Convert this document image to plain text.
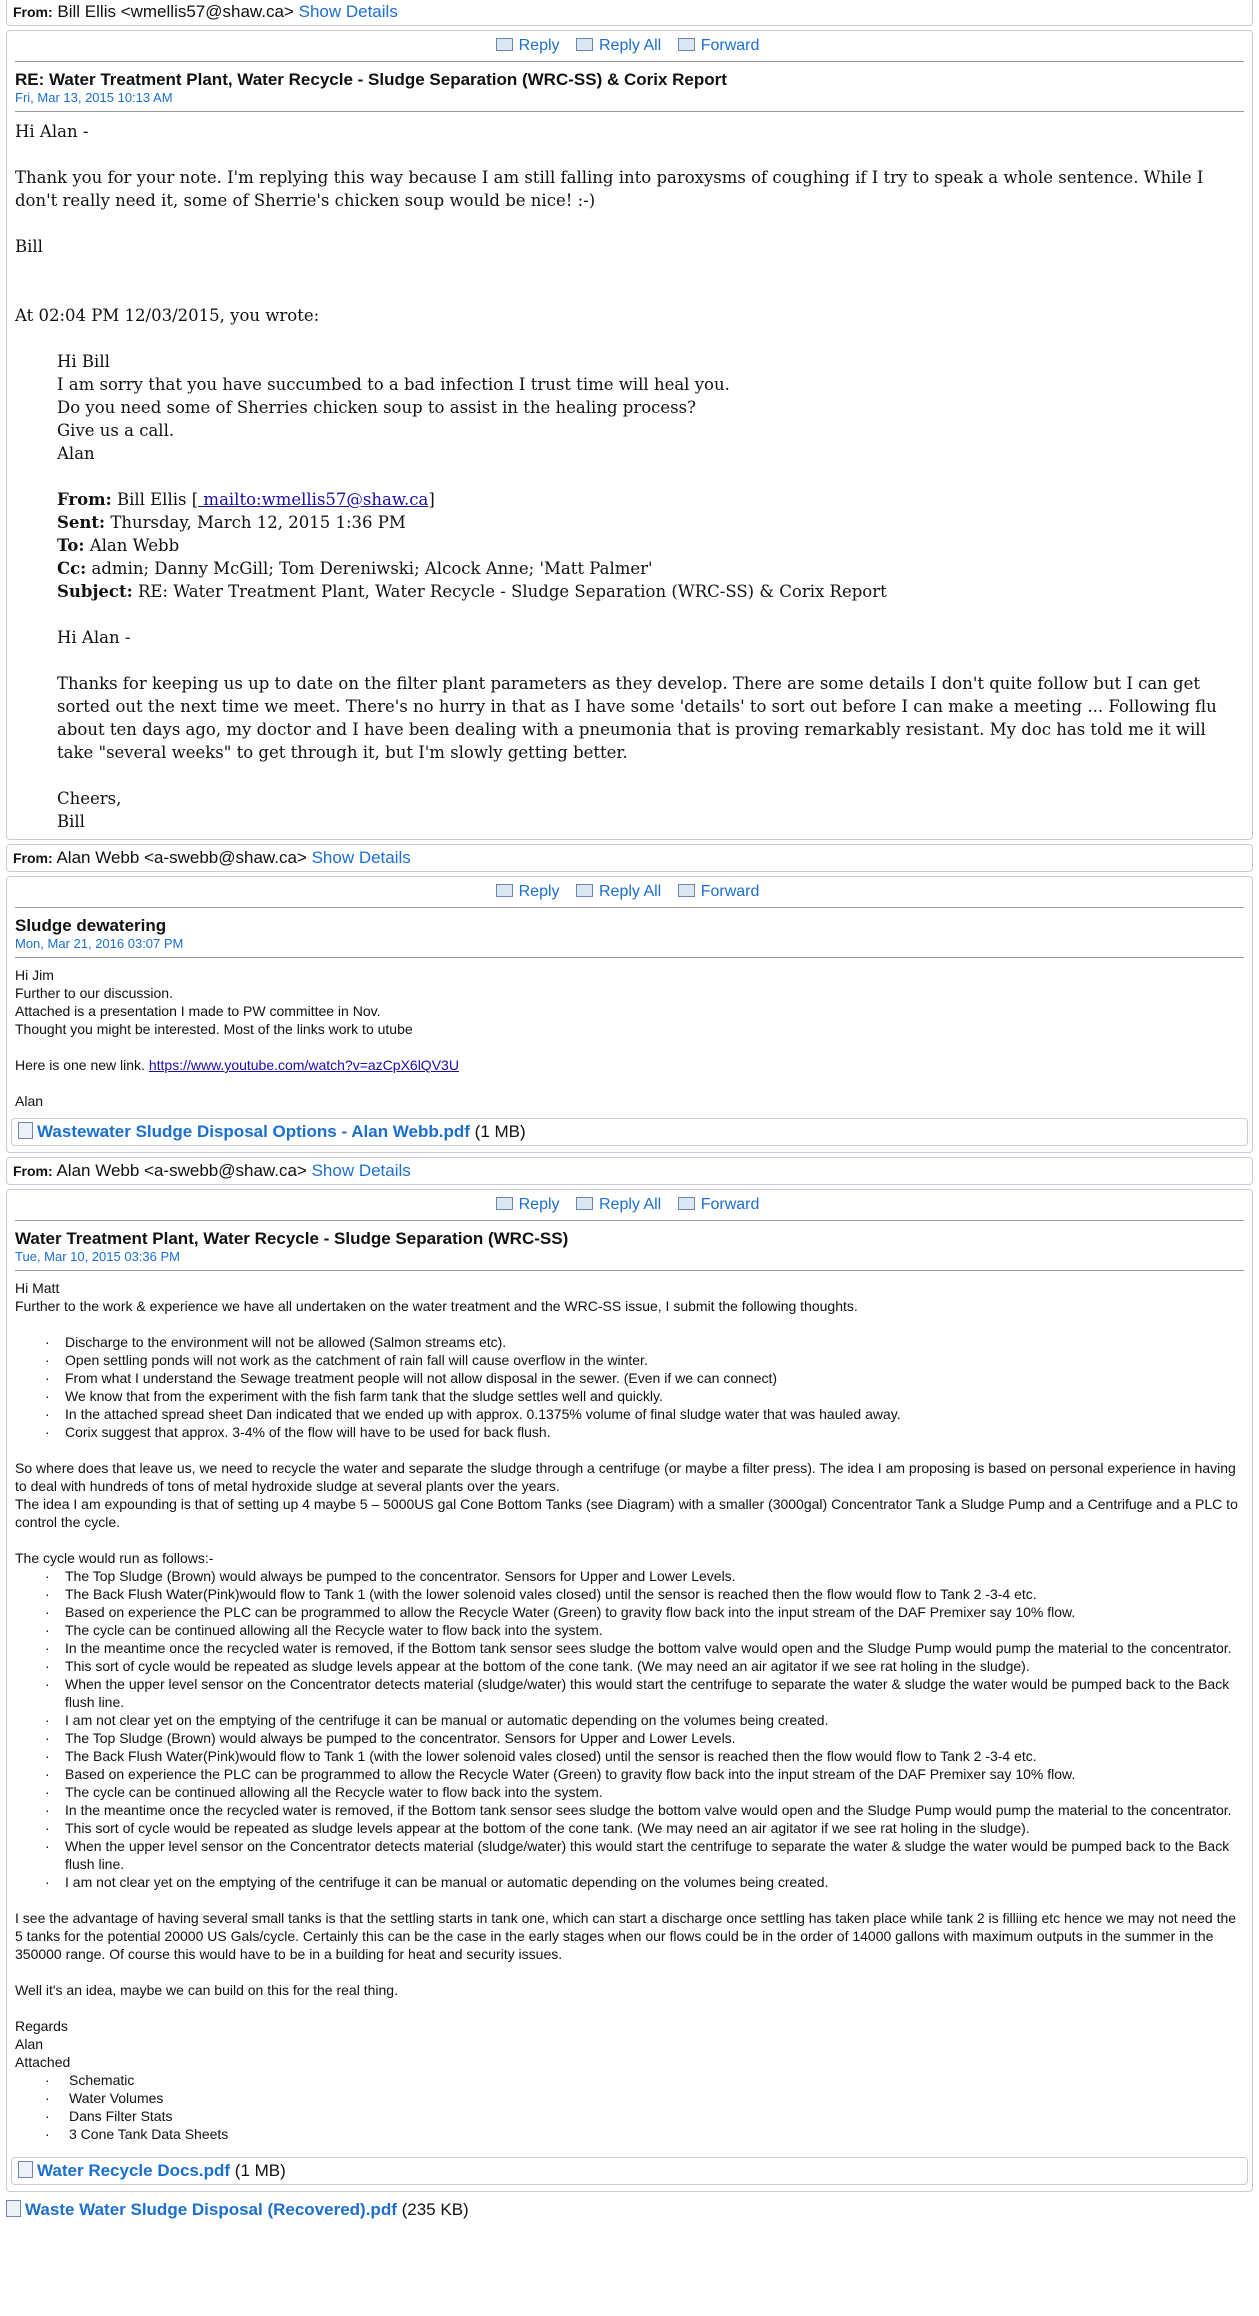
From: Bill Ellis <wmellis57@shaw.ca> Show Details
Reply Reply All Forward
RE: Water Treatment Plant, Water Recycle - Sludge Separation (WRC-SS) & Corix Report
Fri, Mar 13, 2015 10:13 AM

Hi Alan -

Thank you for your note. I'm replying this way because I am still falling into paroxysms of coughing if I try to speak a whole sentence. While I don't really need it, some of Sherrie's chicken soup would be nice! :-)

Bill

At 02:04 PM 12/03/2015, you wrote:

Hi Bill

I am sorry that you have succumbed to a bad infection I trust time will heal you.

Do you need some of Sherries chicken soup to assist in the healing process?

Give us a call.

Alan

From: Bill Ellis [ mailto:wmellis57@shaw.ca]

Sent: Thursday, March 12, 2015 1:36 PM

To: Alan Webb

Cc: admin; Danny McGill; Tom Dereniwski; Alcock Anne; 'Matt Palmer'

Subject: RE: Water Treatment Plant, Water Recycle - Sludge Separation (WRC-SS) & Corix Report

Hi Alan -

Thanks for keeping us up to date on the filter plant parameters as they develop. There are some details I don't quite follow but I can get sorted out the next time we meet. There's no hurry in that as I have some 'details' to sort out before I can make a meeting ... Following flu about ten days ago, my doctor and I have been dealing with a pneumonia that is proving remarkably resistant. My doc has told me it will take "several weeks" to get through it, but I'm slowly getting better.

Cheers,

Bill

From: Alan Webb <a-swebb@shaw.ca> Show Details
Reply Reply All Forward
Sludge dewatering
Mon, Mar 21, 2016 03:07 PM

Hi Jim

Further to our discussion.

Attached is a presentation I made to PW committee in Nov.

Thought you might be interested. Most of the links work to utube

Here is one new link. https://www.youtube.com/watch?v=azCpX6lQV3U

Alan

Wastewater Sludge Disposal Options - Alan Webb.pdf (1 MB)
From: Alan Webb <a-swebb@shaw.ca> Show Details
Reply Reply All Forward
Water Treatment Plant, Water Recycle - Sludge Separation (WRC-SS)
Tue, Mar 10, 2015 03:36 PM

Hi Matt

Further to the work & experience we have all undertaken on the water treatment and the WRC-SS issue, I submit the following thoughts.

· Discharge to the environment will not be allowed (Salmon streams etc).
· Open settling ponds will not work as the catchment of rain fall will cause overflow in the winter.
· From what I understand the Sewage treatment people will not allow disposal in the sewer. (Even if we can connect)
· We know that from the experiment with the fish farm tank that the sludge settles well and quickly.
· In the attached spread sheet Dan indicated that we ended up with approx. 0.1375% volume of final sludge water that was hauled away.
· Corix suggest that approx. 3-4% of the flow will have to be used for back flush.

So where does that leave us, we need to recycle the water and separate the sludge through a centrifuge (or maybe a filter press). The idea I am proposing is based on personal experience in having to deal with hundreds of tons of metal hydroxide sludge at several plants over the years.

The idea I am expounding is that of setting up 4 maybe 5 – 5000US gal Cone Bottom Tanks (see Diagram) with a smaller (3000gal) Concentrator Tank a Sludge Pump and a Centrifuge and a PLC to control the cycle.

The cycle would run as follows:-

· The Top Sludge (Brown) would always be pumped to the concentrator. Sensors for Upper and Lower Levels.
· The Back Flush Water(Pink)would flow to Tank 1 (with the lower solenoid vales closed) until the sensor is reached then the flow would flow to Tank 2 -3-4 etc.
· Based on experience the PLC can be programmed to allow the Recycle Water (Green) to gravity flow back into the input stream of the DAF Premixer say 10% flow.
· The cycle can be continued allowing all the Recycle water to flow back into the system.
· In the meantime once the recycled water is removed, if the Bottom tank sensor sees sludge the bottom valve would open and the Sludge Pump would pump the material to the concentrator.
· This sort of cycle would be repeated as sludge levels appear at the bottom of the cone tank. (We may need an air agitator if we see rat holing in the sludge).
· When the upper level sensor on the Concentrator detects material (sludge/water) this would start the centrifuge to separate the water & sludge the water would be pumped back to the Back flush line.
· I am not clear yet on the emptying of the centrifuge it can be manual or automatic depending on the volumes being created.
· The Top Sludge (Brown) would always be pumped to the concentrator. Sensors for Upper and Lower Levels.
· The Back Flush Water(Pink)would flow to Tank 1 (with the lower solenoid vales closed) until the sensor is reached then the flow would flow to Tank 2 -3-4 etc.
· Based on experience the PLC can be programmed to allow the Recycle Water (Green) to gravity flow back into the input stream of the DAF Premixer say 10% flow.
· The cycle can be continued allowing all the Recycle water to flow back into the system.
· In the meantime once the recycled water is removed, if the Bottom tank sensor sees sludge the bottom valve would open and the Sludge Pump would pump the material to the concentrator.
· This sort of cycle would be repeated as sludge levels appear at the bottom of the cone tank. (We may need an air agitator if we see rat holing in the sludge).
· When the upper level sensor on the Concentrator detects material (sludge/water) this would start the centrifuge to separate the water & sludge the water would be pumped back to the Back flush line.
· I am not clear yet on the emptying of the centrifuge it can be manual or automatic depending on the volumes being created.

I see the advantage of having several small tanks is that the settling starts in tank one, which can start a discharge once settling has taken place while tank 2 is filliing etc hence we may not need the 5 tanks for the potential 20000 US Gals/cycle. Certainly this can be the case in the early stages when our flows could be in the order of 14000 gallons with maximum outputs in the summer in the 350000 range. Of course this would have to be in a building for heat and security issues.

Well it's an idea, maybe we can build on this for the real thing.

Regards

Alan

Attached

· Schematic
· Water Volumes
· Dans Filter Stats
· 3 Cone Tank Data Sheets
Water Recycle Docs.pdf (1 MB)
Waste Water Sludge Disposal (Recovered).pdf (235 KB)
